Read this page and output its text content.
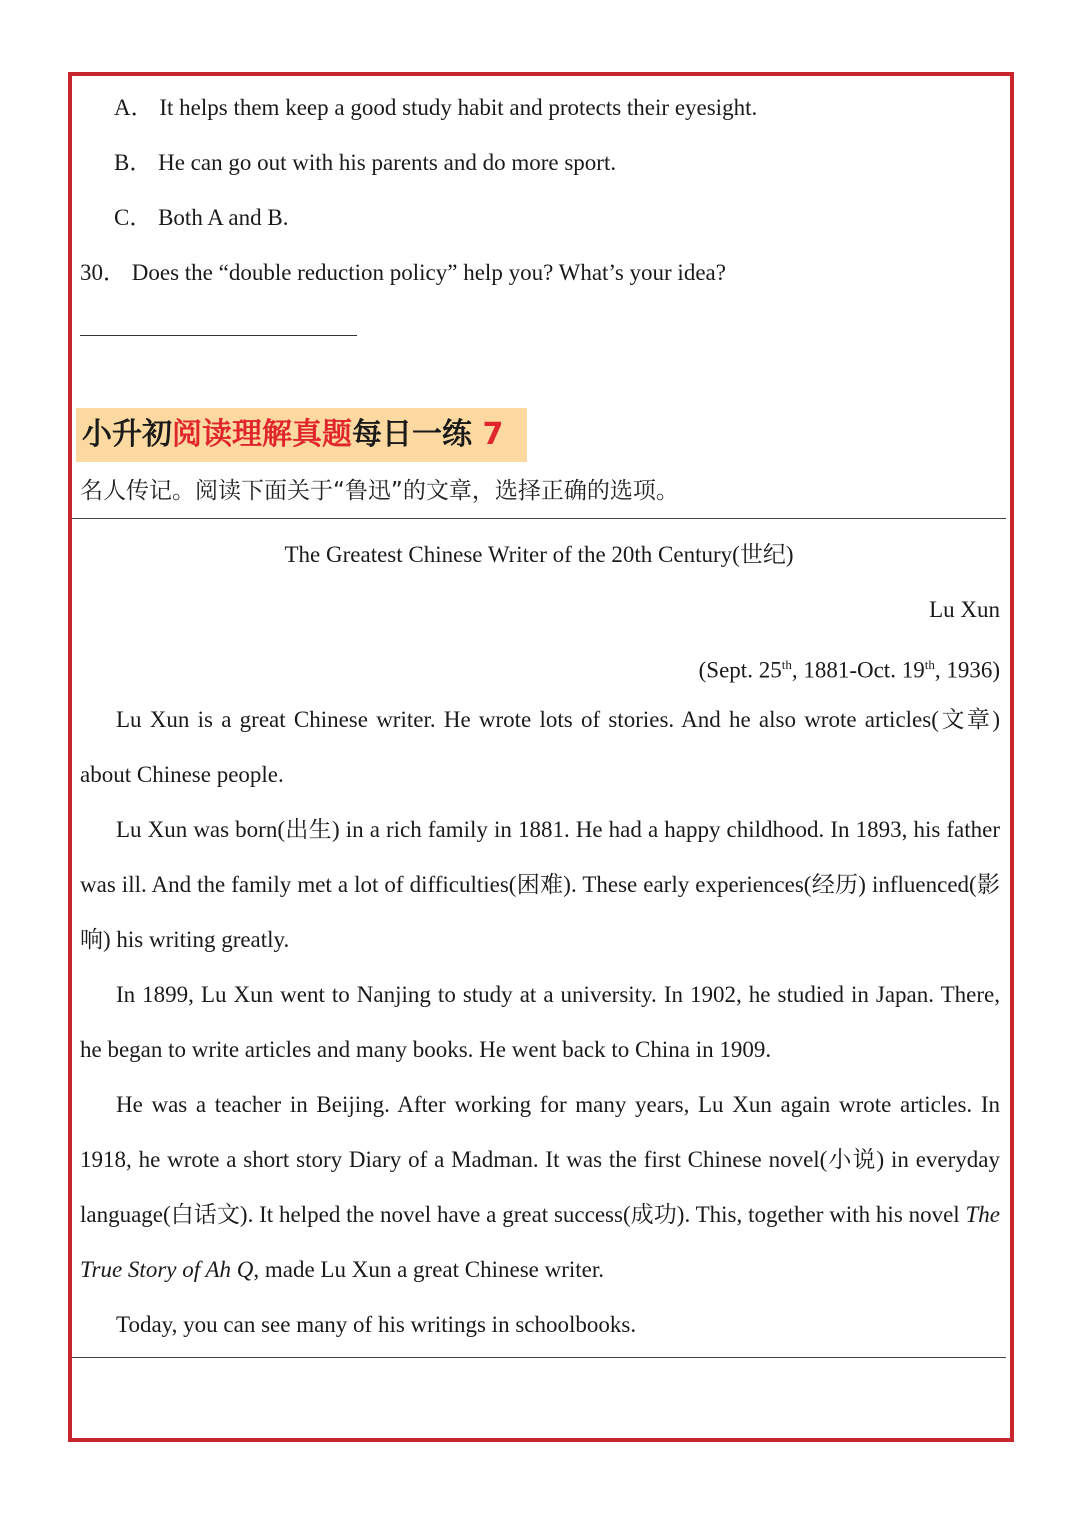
A． It helps them keep a good study habit and protects their eyesight.
B． He can go out with his parents and do more sport.
C． Both A and B.
30． Does the “double reduction policy” help you? What’s your idea?
小升初阅读理解真题每日一练 7
名人传记。阅读下面关于“鲁迅”的文章，选择正确的选项。
The Greatest Chinese Writer of the 20th Century(世纪)
Lu Xun
(Sept. 25th, 1881-Oct. 19th, 1936)

Lu Xun is a great Chinese writer. He wrote lots of stories. And he also wrote articles(文章) about Chinese people.

Lu Xun was born(出生) in a rich family in 1881. He had a happy childhood. In 1893, his father was ill. And the family met a lot of difficulties(困难). These early experiences(经历) influenced(影响) his writing greatly.

In 1899, Lu Xun went to Nanjing to study at a university. In 1902, he studied in Japan. There, he began to write articles and many books. He went back to China in 1909.

He was a teacher in Beijing. After working for many years, Lu Xun again wrote articles. In 1918, he wrote a short story Diary of a Madman. It was the first Chinese novel(小说) in everyday language(白话文). It helped the novel have a great success(成功). This, together with his novel The True Story of Ah Q, made Lu Xun a great Chinese writer.

Today, you can see many of his writings in schoolbooks.
